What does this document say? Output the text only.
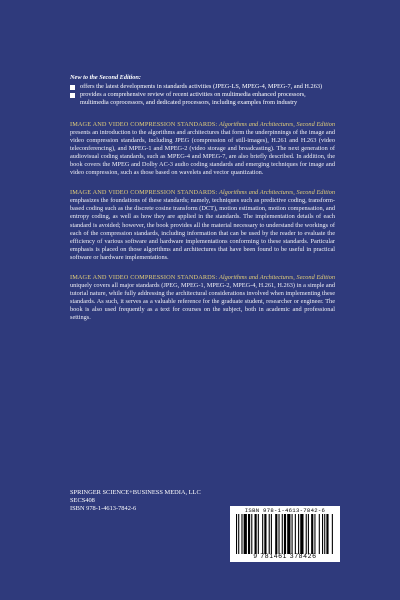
New to the Second Edition:
offers the latest developments in standards activities (JPEG-LS, MPEG-4, MPEG-7, and H.263)
provides a comprehensive review of recent activities on multimedia enhanced processors, multimedia coprocessors, and dedicated processors, including examples from industry

IMAGE AND VIDEO COMPRESSION STANDARDS: Algorithms and Architectures, Second Edition presents an introduction to the algorithms and architectures that form the underpinnings of the image and video compression standards, including JPEG (compression of still-images), H.261 and H.263 (video teleconferencing), and MPEG-1 and MPEG-2 (video storage and broadcasting). The next generation of audiovisual coding standards, such as MPEG-4 and MPEG-7, are also briefly described. In addition, the book covers the MPEG and Dolby AC-3 audio coding standards and emerging techniques for image and video compression, such as those based on wavelets and vector quantization.

IMAGE AND VIDEO COMPRESSION STANDARDS: Algorithms and Architectures, Second Edition emphasizes the foundations of these standards; namely, techniques such as predictive coding, transform-based coding such as the discrete cosine transform (DCT), motion estimation, motion compensation, and entropy coding, as well as how they are applied in the standards. The implementation details of each standard is avoided; however, the book provides all the material necessary to understand the workings of each of the compression standards, including information that can be used by the reader to evaluate the efficiency of various software and hardware implementations conforming to these standards. Particular emphasis is placed on those algorithms and architectures that have been found to be useful in practical software or hardware implementations.

IMAGE AND VIDEO COMPRESSION STANDARDS: Algorithms and Architectures, Second Edition uniquely covers all major standards (JPEG, MPEG-1, MPEG-2, MPEG-4, H.261, H.263) in a simple and tutorial nature, while fully addressing the architectural considerations involved when implementing these standards. As such, it serves as a valuable reference for the graduate student, researcher or engineer. The book is also used frequently as a text for courses on the subject, both in academic and professional settings.

SPRINGER SCIENCE+BUSINESS MEDIA, LLC
SECS408
ISBN 978-1-4613-7842-6	ISBN 978-1-4613-7842-6
9 781461 378426
